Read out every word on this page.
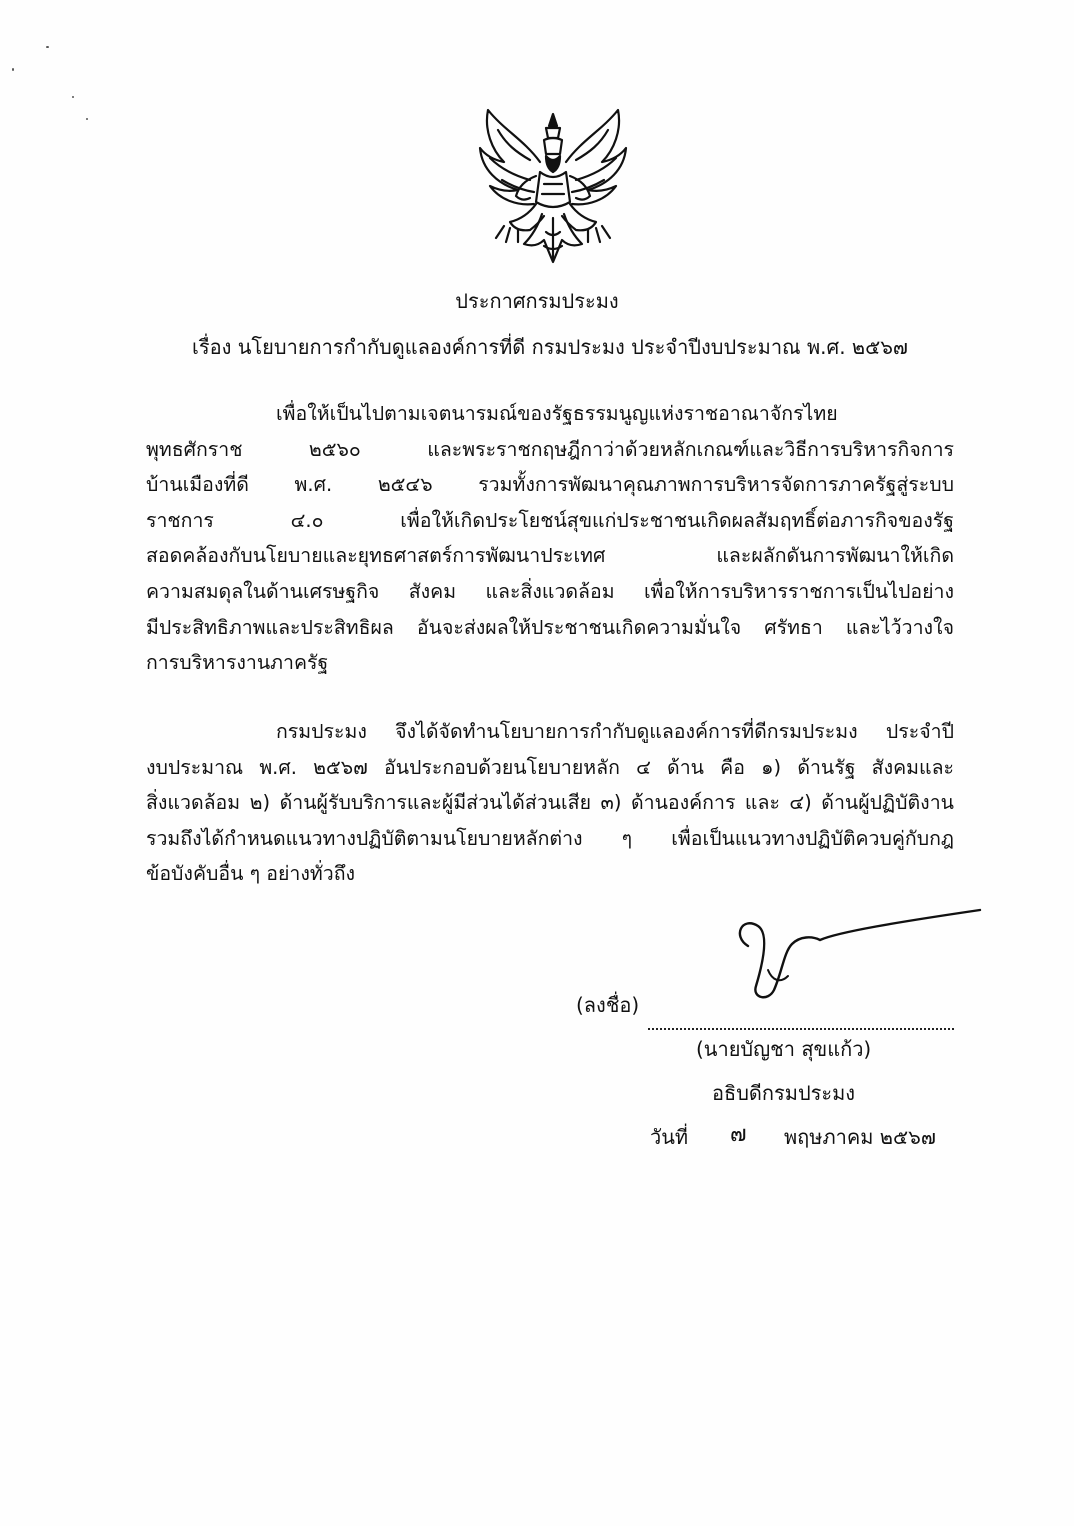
ประกาศกรมประมง
เรื่อง นโยบายการกำกับดูแลองค์การที่ดี กรมประมง ประจำปีงบประมาณ พ.ศ. ๒๕๖๗
เพื่อให้เป็นไปตามเจตนารมณ์ของรัฐธรรมนูญแห่งราชอาณาจักรไทย
พุทธศักราช ๒๕๖๐ และพระราชกฤษฎีกาว่าด้วยหลักเกณฑ์และวิธีการบริหารกิจการ
บ้านเมืองที่ดี พ.ศ. ๒๕๔๖ รวมทั้งการพัฒนาคุณภาพการบริหารจัดการภาครัฐสู่ระบบ
ราชการ ๔.๐ เพื่อให้เกิดประโยชน์สุขแก่ประชาชนเกิดผลสัมฤทธิ์ต่อภารกิจของรัฐ
สอดคล้องกับนโยบายและยุทธศาสตร์การพัฒนาประเทศ และผลักดันการพัฒนาให้เกิด
ความสมดุลในด้านเศรษฐกิจ สังคม และสิ่งแวดล้อม เพื่อให้การบริหารราชการเป็นไปอย่าง
มีประสิทธิภาพและประสิทธิผล อันจะส่งผลให้ประชาชนเกิดความมั่นใจ ศรัทธา และไว้วางใจ
การบริหารงานภาครัฐ
กรมประมง จึงได้จัดทำนโยบายการกำกับดูแลองค์การที่ดีกรมประมง ประจำปี
งบประมาณ พ.ศ. ๒๕๖๗ อันประกอบด้วยนโยบายหลัก ๔ ด้าน คือ ๑) ด้านรัฐ สังคมและ
สิ่งแวดล้อม ๒) ด้านผู้รับบริการและผู้มีส่วนได้ส่วนเสีย ๓) ด้านองค์การ และ ๔) ด้านผู้ปฏิบัติงาน
รวมถึงได้กำหนดแนวทางปฏิบัติตามนโยบายหลักต่าง ๆ เพื่อเป็นแนวทางปฏิบัติควบคู่กับกฎ
ข้อบังคับอื่น ๆ อย่างทั่วถึง
(ลงชื่อ)
(นายบัญชา สุขแก้ว)
อธิบดีกรมประมง
วันที่ ๗ พฤษภาคม ๒๕๖๗
